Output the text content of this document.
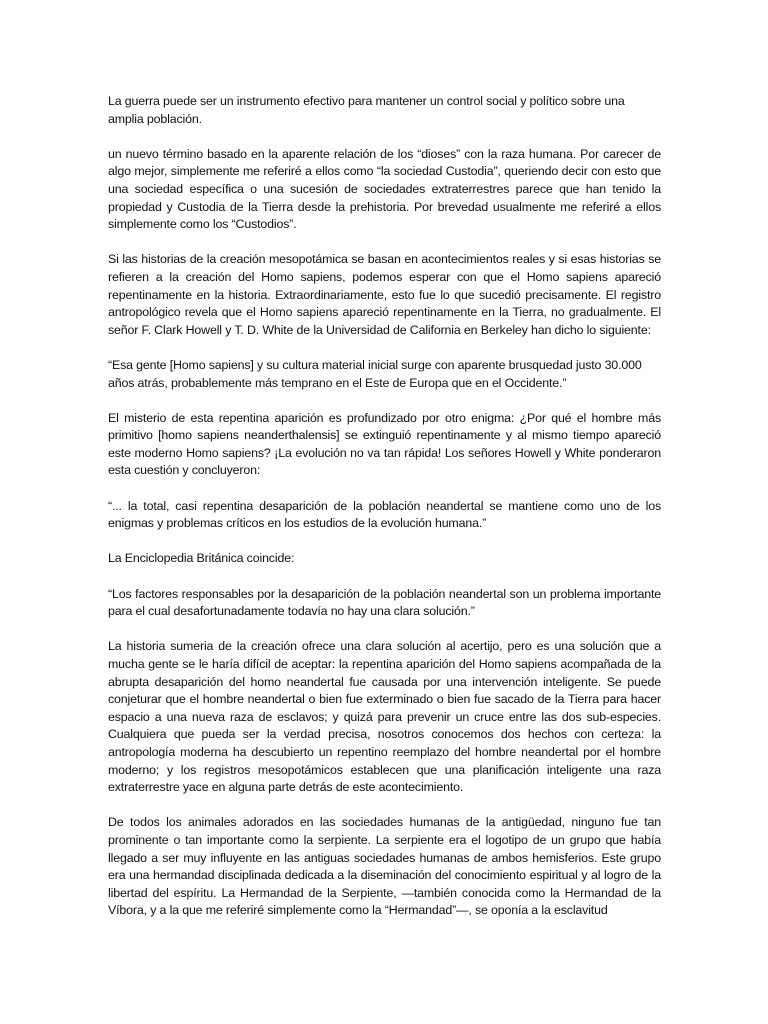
La guerra puede ser un instrumento efectivo para mantener un control social y político sobre una amplia población.

un nuevo término basado en la aparente relación de los “dioses” con la raza humana. Por carecer de algo mejor, simplemente me referiré a ellos como “la sociedad Custodia”, queriendo decir con esto que una sociedad específica o una sucesión de sociedades extraterrestres parece que han tenido la propiedad y Custodia de la Tierra desde la prehistoria. Por brevedad usualmente me referiré a ellos simplemente como los “Custodios”.

Si las historias de la creación mesopotámica se basan en acontecimientos reales y si esas historias se refieren a la creación del Homo sapiens, podemos esperar con que el Homo sapiens apareció repentinamente en la historia. Extraordinariamente, esto fue lo que sucedió precisamente. El registro antropológico revela que el Homo sapiens apareció repentinamente en la Tierra, no gradualmente. El señor F. Clark Howell y T. D. White de la Universidad de California en Berkeley han dicho lo siguiente:

“Esa gente [Homo sapiens] y su cultura material inicial surge con aparente brusquedad justo 30.000 años atrás, probablemente más temprano en el Este de Europa que en el Occidente.”

El misterio de esta repentina aparición es profundizado por otro enigma: ¿Por qué el hombre más primitivo [homo sapiens neanderthalensis] se extinguió repentinamente y al mismo tiempo apareció este moderno Homo sapiens? ¡La evolución no va tan rápida! Los señores Howell y White ponderaron esta cuestión y concluyeron:

“... la total, casi repentina desaparición de la población neandertal se mantiene como uno de los enigmas y problemas críticos en los estudios de la evolución humana.”

La Enciclopedia Británica coincide:

“Los factores responsables por la desaparición de la población neandertal son un problema importante para el cual desafortunadamente todavía no hay una clara solución.”

La historia sumeria de la creación ofrece una clara solución al acertijo, pero es una solución que a mucha gente se le haría difícil de aceptar: la repentina aparición del Homo sapiens acompañada de la abrupta desaparición del homo neandertal fue causada por una intervención inteligente. Se puede conjeturar que el hombre neandertal o bien fue exterminado o bien fue sacado de la Tierra para hacer espacio a una nueva raza de esclavos; y quizá para prevenir un cruce entre las dos sub-especies. Cualquiera que pueda ser la verdad precisa, nosotros conocemos dos hechos con certeza: la antropología moderna ha descubierto un repentino reemplazo del hombre neandertal por el hombre moderno; y los registros mesopotámicos establecen que una planificación inteligente una raza extraterrestre yace en alguna parte detrás de este acontecimiento.

De todos los animales adorados en las sociedades humanas de la antigüedad, ninguno fue tan prominente o tan importante como la serpiente. La serpiente era el logotipo de un grupo que había llegado a ser muy influyente en las antiguas sociedades humanas de ambos hemisferios. Este grupo era una hermandad disciplinada dedicada a la diseminación del conocimiento espiritual y al logro de la libertad del espíritu. La Hermandad de la Serpiente, —también conocida como la Hermandad de la Víbora, y a la que me referiré simplemente como la “Hermandad”—, se oponía a la esclavitud
